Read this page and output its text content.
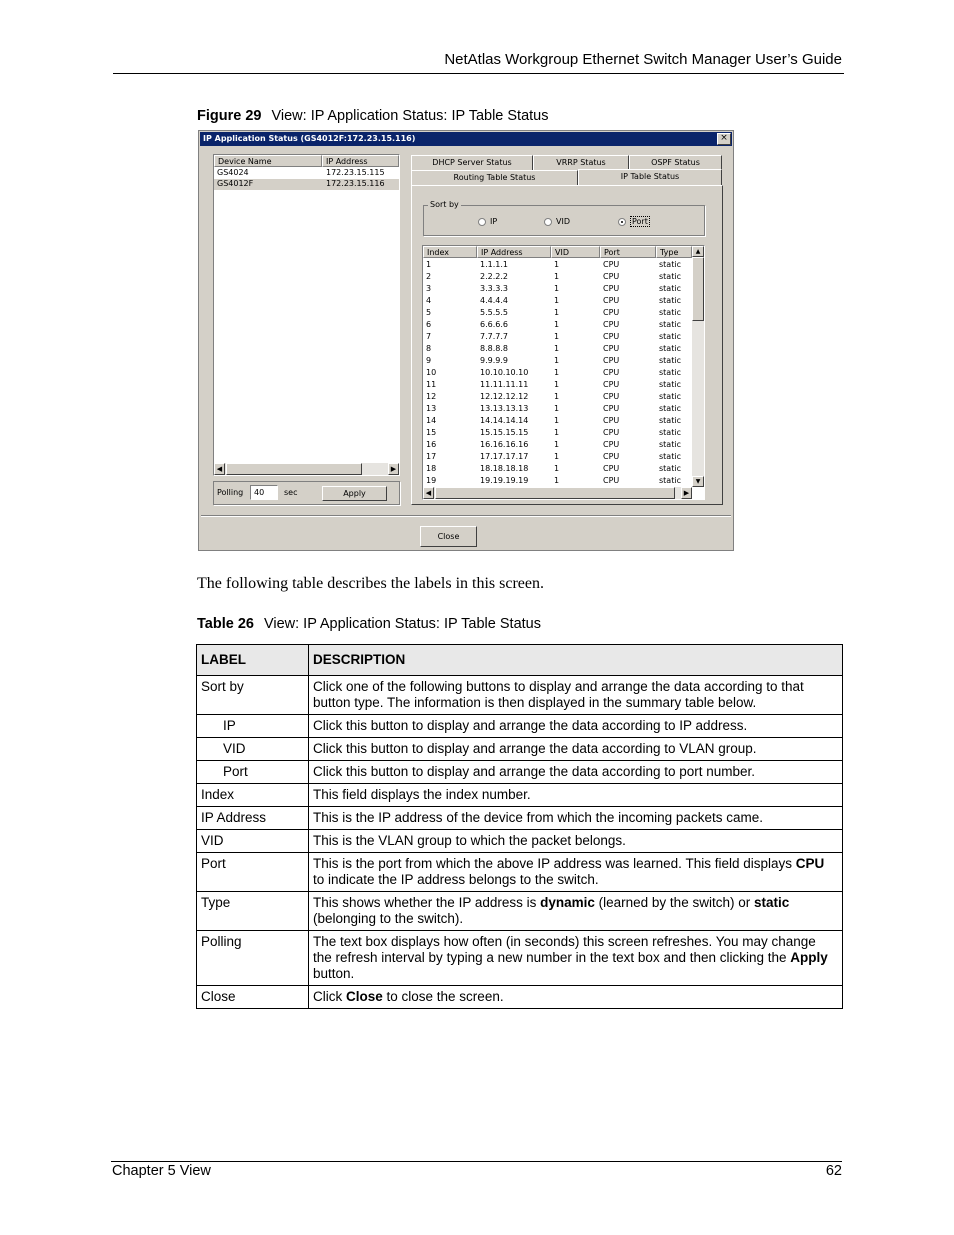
NetAtlas Workgroup Ethernet Switch Manager User’s Guide
Figure 29 View: IP Application Status: IP Table Status
IP Application Status (GS4012F:172.23.15.116)	×
Device Name	IP Address
GS4024	172.23.15.115
GS4012F	172.23.15.116
◀	▶
Polling	40	sec	Apply
DHCP Server Status	VRRP Status	OSPF Status
Routing Table Status	IP Table Status
Sort by
IP	VID	Port
Index	IP Address	VID	Port	Type
1	1.1.1.1	1	CPU	static
2	2.2.2.2	1	CPU	static
3	3.3.3.3	1	CPU	static
4	4.4.4.4	1	CPU	static
5	5.5.5.5	1	CPU	static
6	6.6.6.6	1	CPU	static
7	7.7.7.7	1	CPU	static
8	8.8.8.8	1	CPU	static
9	9.9.9.9	1	CPU	static
10	10.10.10.10	1	CPU	static
11	11.11.11.11	1	CPU	static
12	12.12.12.12	1	CPU	static
13	13.13.13.13	1	CPU	static
14	14.14.14.14	1	CPU	static
15	15.15.15.15	1	CPU	static
16	16.16.16.16	1	CPU	static
17	17.17.17.17	1	CPU	static
18	18.18.18.18	1	CPU	static
19	19.19.19.19	1	CPU	static
▲
▼
◀	▶
Close
The following table describes the labels in this screen.
Table 26 View: IP Application Status: IP Table Status
LABEL	DESCRIPTION
Sort by	Click one of the following buttons to display and arrange the data according to that button type. The information is then displayed in the summary table below.
IP	Click this button to display and arrange the data according to IP address.
VID	Click this button to display and arrange the data according to VLAN group.
Port	Click this button to display and arrange the data according to port number.
Index	This field displays the index number.
IP Address	This is the IP address of the device from which the incoming packets came.
VID	This is the VLAN group to which the packet belongs.
Port	This is the port from which the above IP address was learned. This field displays CPU to indicate the IP address belongs to the switch.
Type	This shows whether the IP address is dynamic (learned by the switch) or static (belonging to the switch).
Polling	The text box displays how often (in seconds) this screen refreshes. You may change the refresh interval by typing a new number in the text box and then clicking the Apply button.
Close	Click Close to close the screen.
Chapter 5 View	62
